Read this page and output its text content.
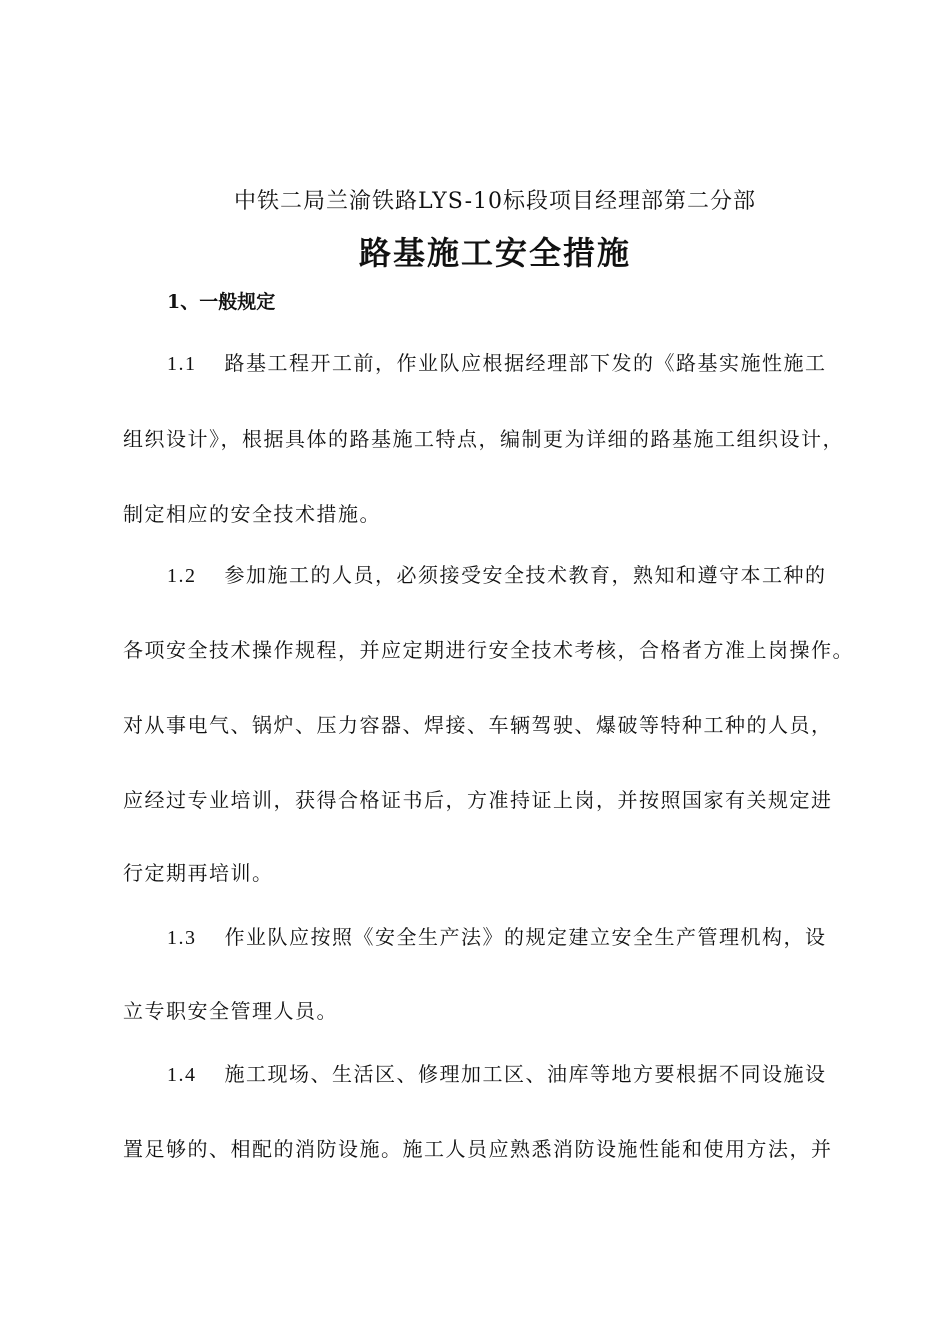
中铁二局兰渝铁路LYS-10标段项目经理部第二分部
路基施工安全措施
1、一般规定
1.1 路基工程开工前，作业队应根据经理部下发的《路基实施性施工
组织设计》，根据具体的路基施工特点，编制更为详细的路基施工组织设计，
制定相应的安全技术措施。
1.2 参加施工的人员，必须接受安全技术教育，熟知和遵守本工种的
各项安全技术操作规程，并应定期进行安全技术考核，合格者方准上岗操作。
对从事电气、锅炉、压力容器、焊接、车辆驾驶、爆破等特种工种的人员，
应经过专业培训，获得合格证书后，方准持证上岗，并按照国家有关规定进
行定期再培训。
1.3 作业队应按照《安全生产法》的规定建立安全生产管理机构，设
立专职安全管理人员。
1.4 施工现场、生活区、修理加工区、油库等地方要根据不同设施设
置足够的、相配的消防设施。施工人员应熟悉消防设施性能和使用方法，并
